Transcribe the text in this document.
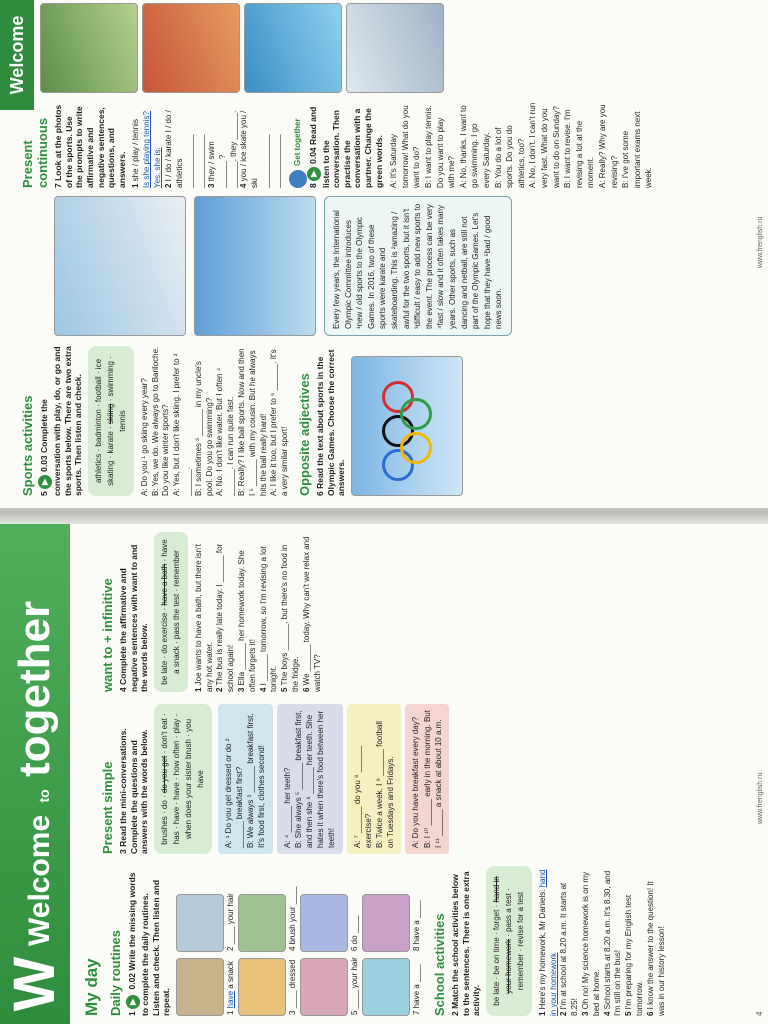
W
Welcome to together
My day Daily routines 1 ▶ 0.02 Write the missing words to complete the daily routines. Listen and check. Then listen and repeat.	1 have a snack
2 ____ your hair
3 ____ dressed
4 brush your ____
5 ____ your hair
6 do ____
7 have a ____
8 have a ____
School activities 2 Match the school activities below to the sentences. There is one extra activity.	be late · be on time · forget · hand in your homework · pass a test · remember · revise for a test
1 Here's my homework, Mr Daniels. hand in your homework 2 I'm at school at 8.20 a.m. It starts at 8.25! 3 Oh no! My science homework is on my bed at home. 4 School starts at 8.20 a.m. It's 8.30, and I'm still on the bus! 5 I'm preparing for my English test tomorrow. 6 I know the answer to the question! It was in our history lesson!
Present simple 3 Read the mini-conversations. Complete the questions and answers with the words below.	brushes · do · do you get · don't eat · has · have · have · how often · play · when does your sister brush · you have	A: ¹ Do you get dressed or do ² ______ breakfast first? B: We always ³ ______ breakfast first. It's food first, clothes second! A: ⁴ ______ her teeth? B: She always ⁵ ______ breakfast first, and then she ⁶ ______ her teeth. She hates it when there's food between her teeth! A: ⁷ ______ do you ⁸ ______ exercise? B: Twice a week. I ⁹ ______ football on Tuesdays and Fridays. A: Do you have breakfast every day? B: I ¹⁰ ______ early in the morning. But I ¹¹ ______ a snack at about 10 a.m.
want to + infinitive 4 Complete the affirmative and negative sentences with want to and the words below.	be late · do exercise · have a bath · have a snack · pass the test · remember
1 Joe wants to have a bath, but there isn't any hot water. 2 The bus is really late today. I ______ for school again! 3 Ella ______ her homework today. She often forgets it! 4 I ______ tomorrow, so I'm revising a lot tonight. 5 The boys ______, but there's no food in the fridge. 6 We ______ today. Why can't we relax and watch TV?
4
www.frenglish.ru
Welcome
Sports activities 5 ▶0.03 Complete the conversation with play, do, or go and the sports below. There are two extra sports. Then listen and check.	athletics · badminton · football · ice skating · karate · skiing · swimming · tennis	A: Do you ¹ go skiing every year? B: Yes, we do. We always go to Bariloche. Do you like winter sports? A: Yes, but I don't like skiing. I prefer to ² ______. B: I sometimes ³ ______ in my uncle's pool. Do you go swimming? A: No. I don't like water. But I often ⁴ ______. I can run quite fast. B: Really? I like ball sports. Now and then I ⁵ ______ with my cousin. But he always hits the ball really hard! A: I like it too, but I prefer to ⁶ ______. It's a very similar sport! Opposite adjectives 6 Read the text about sports in the Olympic Games. Choose the correct answers.
Every few years, the International Olympic Committee introduces ¹new / old sports to the Olympic Games. In 2016, two of these sports were karate and skateboarding. This is ²amazing / awful for the two sports, but it isn't ³difficult / easy to add new sports to the event. The process can be very ⁴fast / slow and it often takes many years. Other sports, such as dancing and netball, are still not part of the Olympic Games. Let's hope that they have ⁵bad / good news soon.
Present continuous 7 Look at the photos of the sports. Use the prompts to write affirmative and negative sentences, questions, and answers. 1 she / play / tennis Is she playing tennis? Yes, she is. 2 I / do / karate I / do / athletics ____________ ____________ 3 they / swim ______ ? ______, they ______. 4 you / ice skate you / ski ____________ ____________	Get together
8 ▶0.04 Read and listen to the conversation. Then practise the conversation with a partner. Change the green words. A: It's Saturday tomorrow! What do you want to do? B: I want to play tennis. Do you want to play with me? A: No, thanks. I want to go swimming. I go every Saturday. B: You do a lot of sports. Do you do athletics, too? A: No, I don't. I can't run very fast. What do you want to do on Sunday? B: I want to revise. I'm revising a lot at the moment. A: Really? Why are you revising? B: I've got some important exams next week.
www.frenglish.ru
